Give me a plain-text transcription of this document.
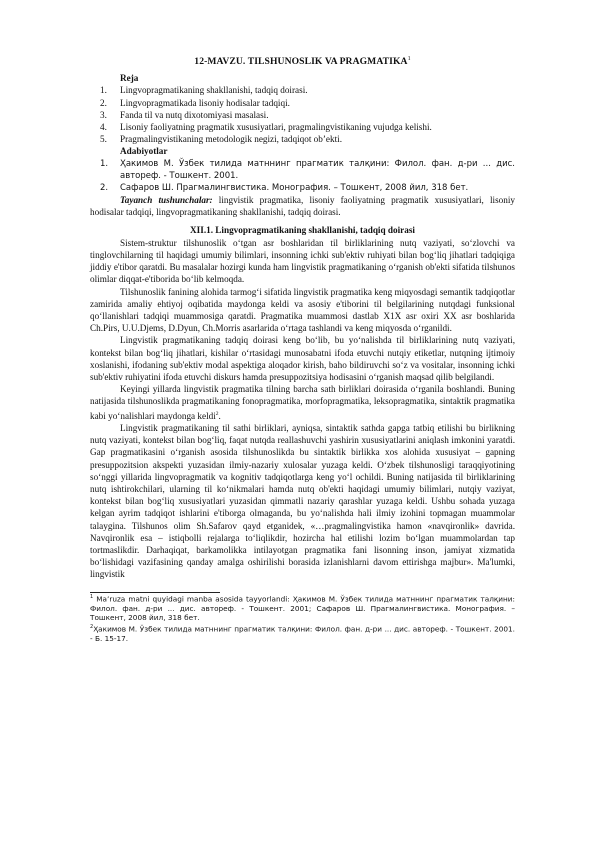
12-MAVZU. TILSHUNOSLIK VA PRAGMATIKA$^1$
Reja
1. Lingvopragmatikaning shakllanishi, tadqiq doirasi.
2. Lingvopragmatikada lisoniy hodisalar tadqiqi.
3. Fanda til va nutq dixotomiyasi masalasi.
4. Lisoniy faoliyatning pragmatik xususiyatlari, pragmalingvistikaning vujudga kelishi.
5. Pragmalingvistikaning metodologik negizi, tadqiqot ob’ekti.
Adabiyotlar
1. Ҳакимов М. Ўзбек тилида матннинг прагматик талқини: Филол. фан. д-ри ... дис. автореф. - Тошкент. 2001.
2. Сафаров Ш. Прагмалингвистика. Монография. – Тошкент, 2008 йил, 318 бет.

Tayanch tushunchalar: lingvistik pragmatika, lisoniy faoliyatning pragmatik xususiyatlari, lisoniy hodisalar tadqiqi, lingvopragmatikaning shakllanishi, tadqiq doirasi.

XII.1. Lingvopragmatikaning shakllanishi, tadqiq doirasi

Sistem-struktur tilshunoslik o‘tgan asr boshlaridan til birliklarining nutq vaziyati, so‘zlovchi va tinglovchilarning til haqidagi umumiy bilimlari, insonning ichki sub'ektiv ruhiyati bilan bog‘liq jihatlari tadqiqiga jiddiy e'tibor qaratdi. Bu masalalar hozirgi kunda ham lingvistik pragmatikaning o‘rganish ob'ekti sifatida tilshunos olimlar diqqat-e'tiborida bo‘lib kelmoqda.

Tilshunoslik fanining alohida tarmog‘i sifatida lingvistik pragmatika keng miqyosdagi semantik tadqiqotlar zamirida amaliy ehtiyoj oqibatida maydonga keldi va asosiy e'tiborini til belgilarining nutqdagi funksional qo‘llanishlari tadqiqi muammosiga qaratdi. Pragmatika muammosi dastlab X1X asr oxiri XX asr boshlarida Ch.Pirs, U.U.Djems, D.Dyun, Ch.Morris asarlarida o‘rtaga tashlandi va keng miqyosda o‘rganildi.

Lingvistik pragmatikaning tadqiq doirasi keng bo‘lib, bu yo‘nalishda til birliklarining nutq vaziyati, kontekst bilan bog‘liq jihatlari, kishilar o‘rtasidagi munosabatni ifoda etuvchi nutqiy etiketlar, nutqning ijtimoiy xoslanishi, ifodaning sub'ektiv modal aspektiga aloqador kirish, baho bildiruvchi so‘z va vositalar, insonning ichki sub'ektiv ruhiyatini ifoda etuvchi diskurs hamda presuppozitsiya hodisasini o‘rganish maqsad qilib belgilandi.

Keyingi yillarda lingvistik pragmatika tilning barcha sath birliklari doirasida o‘rganila boshlandi. Buning natijasida tilshunoslikda pragmatikaning fonopragmatika, morfopragmatika, leksopragmatika, sintaktik pragmatika kabi yo‘nalishlari maydonga keldi$^2$.

Lingvistik pragmatikaning til sathi birliklari, ayniqsa, sintaktik sathda gapga tatbiq etilishi bu birlikning nutq vaziyati, kontekst bilan bog‘liq, faqat nutqda reallashuvchi yashirin xususiyatlarini aniqlash imkonini yaratdi. Gap pragmatikasini o‘rganish asosida tilshunoslikda bu sintaktik birlikka xos alohida xususiyat – gapning presuppozitsion akspekti yuzasidan ilmiy-nazariy xulosalar yuzaga keldi. O‘zbek tilshunosligi taraqqiyotining so‘nggi yillarida lingvopragmatik va kognitiv tadqiqotlarga keng yo‘l ochildi. Buning natijasida til birliklarining nutq ishtirokchilari, ularning til ko‘nikmalari hamda nutq ob'ekti haqidagi umumiy bilimlari, nutqiy vaziyat, kontekst bilan bog‘liq xususiyatlari yuzasidan qimmatli nazariy qarashlar yuzaga keldi. Ushbu sohada yuzaga kelgan ayrim tadqiqot ishlarini e'tiborga olmaganda, bu yo‘nalishda hali ilmiy izohini topmagan muammolar talaygina. Tilshunos olim Sh.Safarov qayd etganidek, «…pragmalingvistika hamon «navqironlik» davrida. Navqironlik esa – istiqbolli rejalarga to‘liqlikdir, hozircha hal etilishi lozim bo‘lgan muammolardan tap tortmaslikdir. Darhaqiqat, barkamolikka intilayotgan pragmatika fani lisonning inson, jamiyat xizmatida bo‘lishidagi vazifasining qanday amalga oshirilishi borasida izlanishlarni davom ettirishga majbur». Ma'lumki, lingvistik

$^1$ Ma’ruza matni quyidagi manba asosida tayyorlandi: Ҳакимов М. Ўзбек тилида матннинг прагматик талқини: Филол. фан. д-ри ... дис. автореф. - Тошкент. 2001; Сафаров Ш. Прагмалингвистика. Монография. – Тошкент, 2008 йил, 318 бет.

$^2$Ҳакимов М. Ўзбек тилида матннинг прагматик талқини: Филол. фан. д-ри ... дис. автореф. - Тошкент. 2001. - Б. 15-17.
